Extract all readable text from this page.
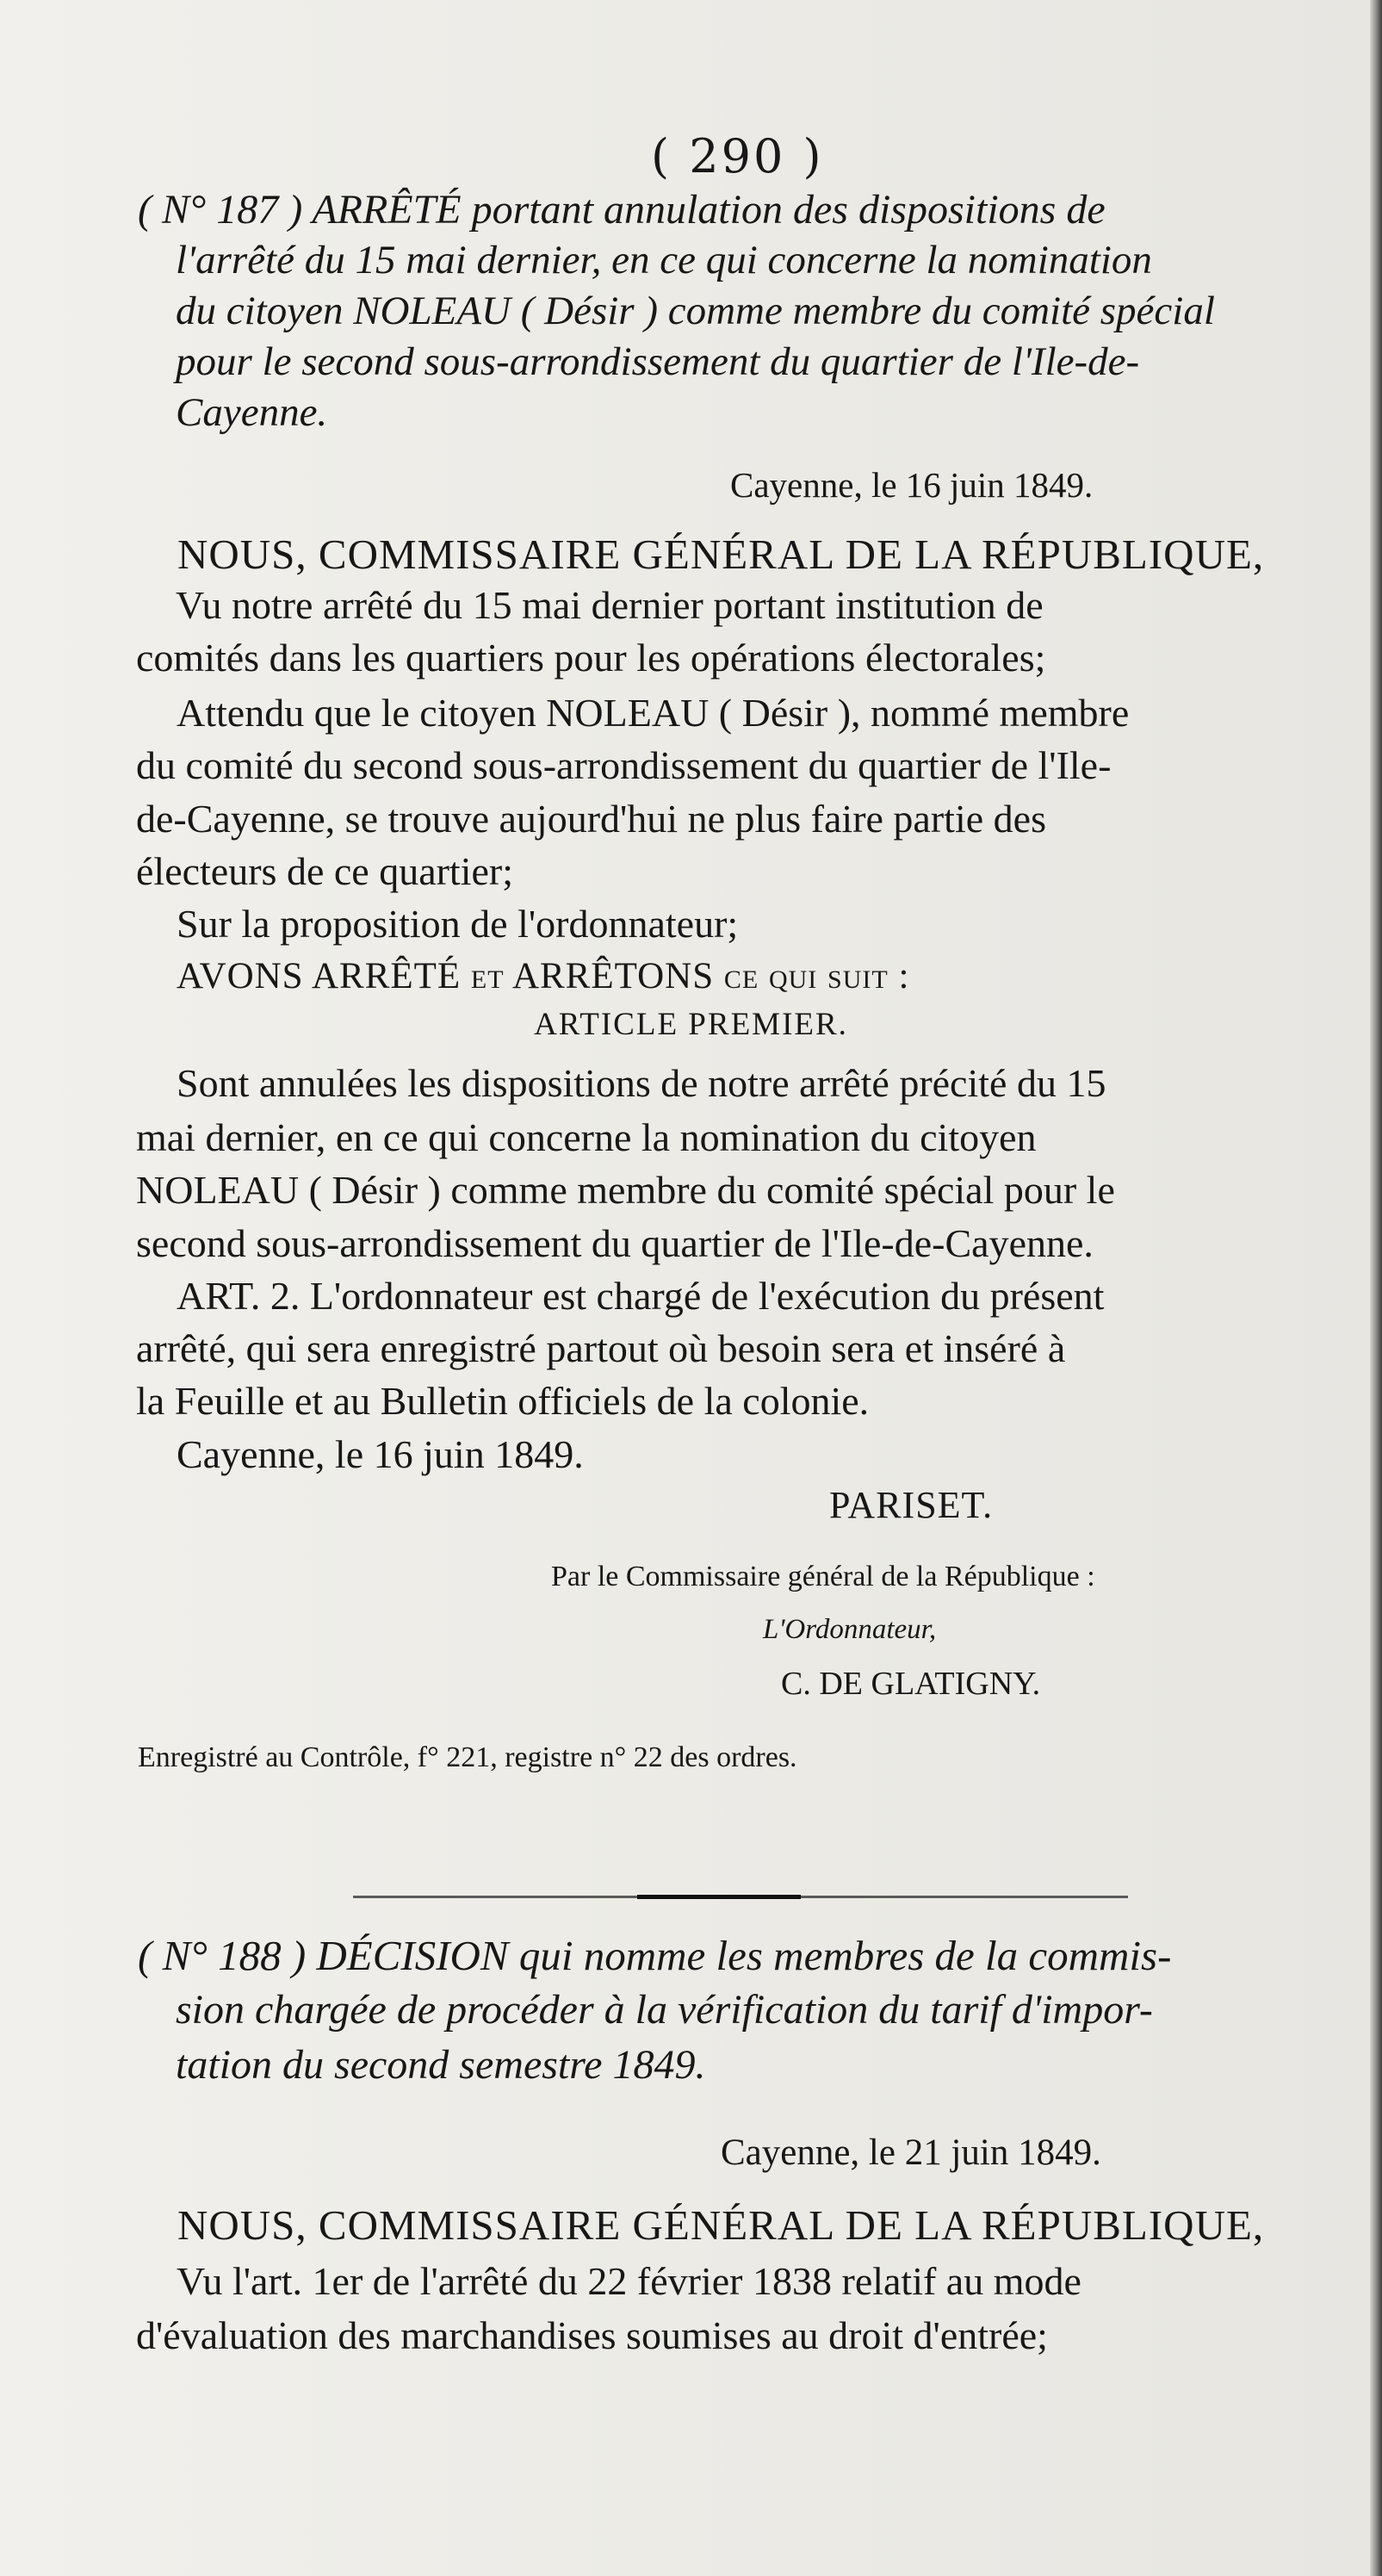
( 290 )
( N° 187 ) ARRÊTÉ portant annulation des dispositions de
l'arrêté du 15 mai dernier, en ce qui concerne la nomination
du citoyen NOLEAU ( Désir ) comme membre du comité spécial
pour le second sous-arrondissement du quartier de l'Ile-de-
Cayenne.
Cayenne, le 16 juin 1849.
NOUS, COMMISSAIRE GÉNÉRAL DE LA RÉPUBLIQUE,
Vu notre arrêté du 15 mai dernier portant institution de
comités dans les quartiers pour les opérations électorales;
Attendu que le citoyen NOLEAU ( Désir ), nommé membre
du comité du second sous-arrondissement du quartier de l'Ile-
de-Cayenne, se trouve aujourd'hui ne plus faire partie des
électeurs de ce quartier;
Sur la proposition de l'ordonnateur;
AVONS ARRÊTÉ et ARRÊTONS ce qui suit :
ARTICLE PREMIER.
Sont annulées les dispositions de notre arrêté précité du 15
mai dernier, en ce qui concerne la nomination du citoyen
NOLEAU ( Désir ) comme membre du comité spécial pour le
second sous-arrondissement du quartier de l'Ile-de-Cayenne.
ART. 2. L'ordonnateur est chargé de l'exécution du présent
arrêté, qui sera enregistré partout où besoin sera et inséré à
la Feuille et au Bulletin officiels de la colonie.
Cayenne, le 16 juin 1849.
PARISET.
Par le Commissaire général de la République :
L'Ordonnateur,
C. DE GLATIGNY.
Enregistré au Contrôle, f° 221, registre n° 22 des ordres.
( N° 188 ) DÉCISION qui nomme les membres de la commis-
sion chargée de procéder à la vérification du tarif d'impor-
tation du second semestre 1849.
Cayenne, le 21 juin 1849.
NOUS, COMMISSAIRE GÉNÉRAL DE LA RÉPUBLIQUE,
Vu l'art. 1er de l'arrêté du 22 février 1838 relatif au mode
d'évaluation des marchandises soumises au droit d'entrée;
